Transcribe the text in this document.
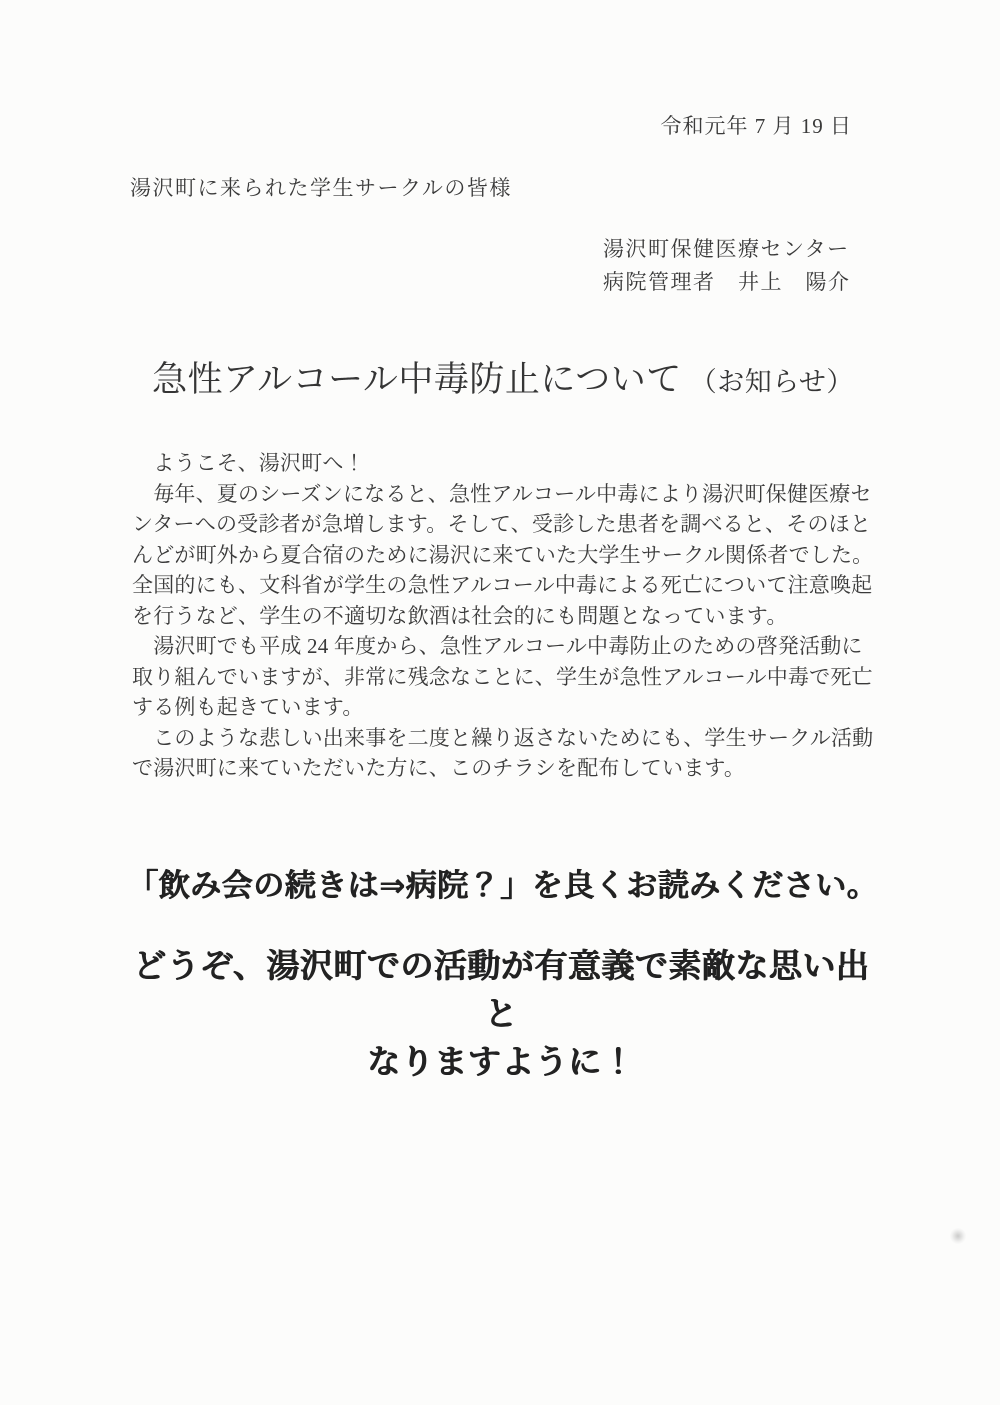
令和元年 7 月 19 日
湯沢町に来られた学生サークルの皆様
湯沢町保健医療センター
病院管理者　井上　陽介
急性アルコール中毒防止について （お知らせ）
　ようこそ、湯沢町へ！
　毎年、夏のシーズンになると、急性アルコール中毒により湯沢町保健医療セ
ンターへの受診者が急増します。そして、受診した患者を調べると、そのほと
んどが町外から夏合宿のために湯沢に来ていた大学生サークル関係者でした。
全国的にも、文科省が学生の急性アルコール中毒による死亡について注意喚起
を行うなど、学生の不適切な飲酒は社会的にも問題となっています。
　湯沢町でも平成 24 年度から、急性アルコール中毒防止のための啓発活動に
取り組んでいますが、非常に残念なことに、学生が急性アルコール中毒で死亡
する例も起きています。
　このような悲しい出来事を二度と繰り返さないためにも、学生サークル活動
で湯沢町に来ていただいた方に、このチラシを配布しています。
「飲み会の続きは⇒病院？」を良くお読みください。
どうぞ、湯沢町での活動が有意義で素敵な思い出と
なりますように！
